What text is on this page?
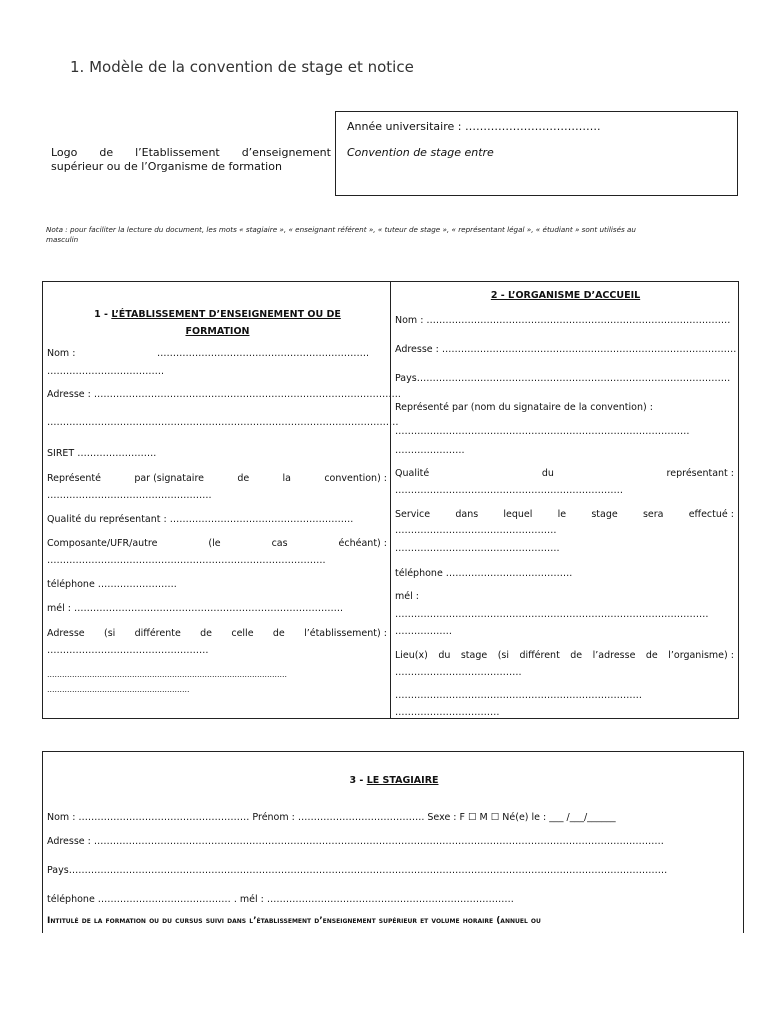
1. Modèle de la convention de stage et notice
Logo de l’Etablissement d’enseignement
supérieur ou de l’Organisme de formation
Année universitaire : ……………………………….
Convention de stage entre
Nota : pour faciliter la lecture du document, les mots « stagiaire », « enseignant référent », « tuteur de stage », « représentant légal », « étudiant » sont utilisés au
masculin
1 - L’ÉTABLISSEMENT D’ENSEIGNEMENT OU DE
FORMATION
Nom :	………………………………………………………….
……………………………….
Adresse : …………………………………………………………………………………….
…………………………………………………………………………………………………
SIRET …………………….
Représenté	par (signataire	de	la	convention) :
…………………………………………….
Qualité du représentant : ………………………………………………….
Composante/UFR/autre	(le	cas	échéant) :
…………………………………………………………………………….
téléphone …………………….
mél : ………………………………………………………………………….
Adresse (si différente de celle de l’établissement) :
……………………………………………
……………………………………………………………………………………
…………………………………………………
2 - L’ORGANISME D’ACCUEIL
Nom : ……………………………………………………………………………………
Adresse : …………………………………………………………………………………
Pays………………………………………………………………………………………
Représenté par (nom du signataire de la convention) :
…………………………………………………………………………………
………………….
Qualité	du	représentant :
………………………………………………………………
Service	dans	lequel	le	stage	sera	effectué :
……………………………………………
…………………………………………….
téléphone ………………………………….
mél :
………………………………………………………………………………………
………………
Lieu(x) du stage (si différent de l’adresse de l’organisme) :
………………………………….
……………………………………………………………………
……………………………
3 - LE STAGIAIRE
Nom : ……………………………………………… Prénom : …………………………………. Sexe : F ☐ M ☐ Né(e) le : ___ /___/______
Adresse : ………………………………………………………………………………………………………………………………………………………………
Pays………………………………………………………………………………………………………………………………………………………………………
téléphone …………………………………… . mél : ……………………………………………………………………
Intitulé de la formation ou du cursus suivi dans l’établissement d’enseignement supérieur et volume horaire (annuel ou
